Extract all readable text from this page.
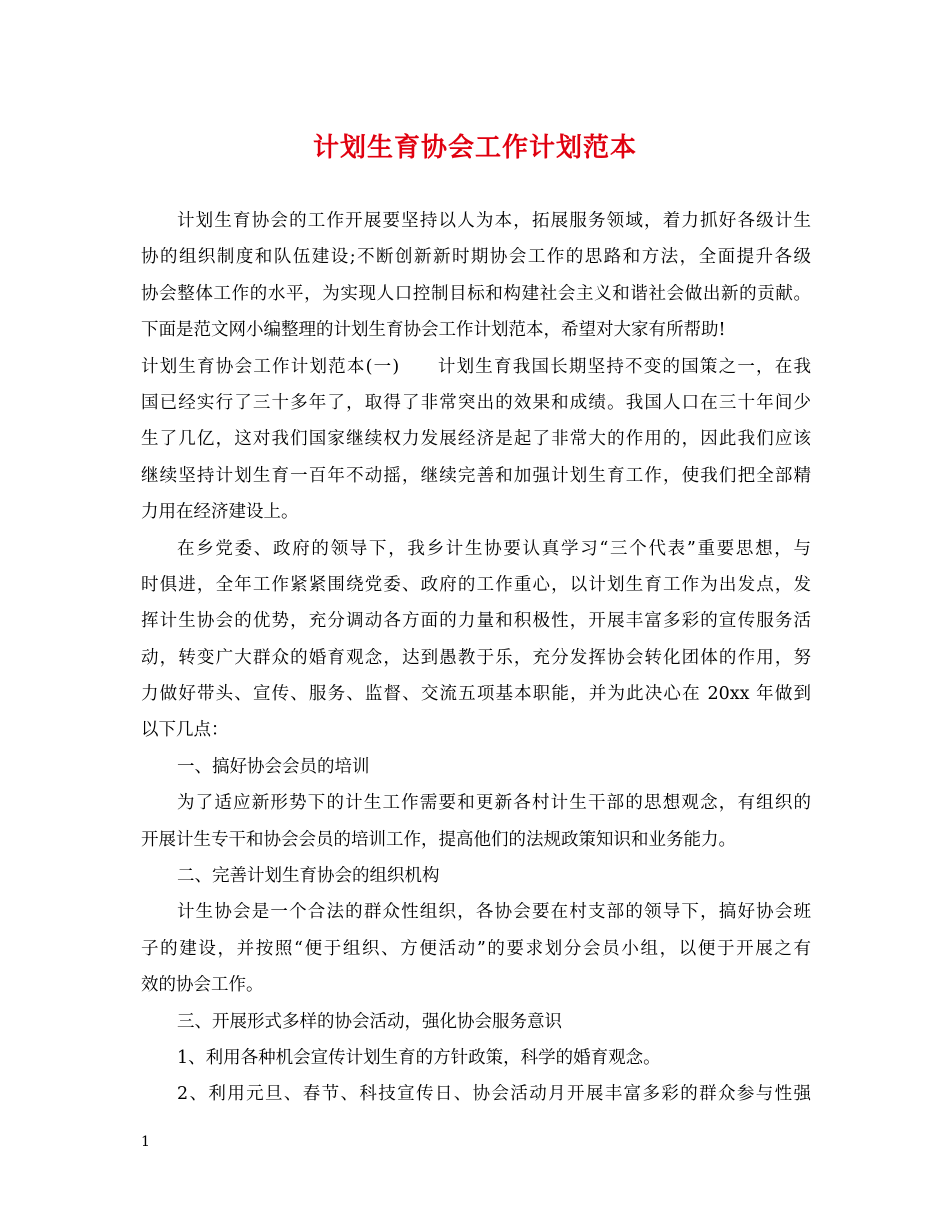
计划生育协会工作计划范本
计划生育协会的工作开展要坚持以人为本，拓展服务领域，着力抓好各级计生
协的组织制度和队伍建设;不断创新新时期协会工作的思路和方法，全面提升各级
协会整体工作的水平，为实现人口控制目标和构建社会主义和谐社会做出新的贡献。
下面是范文网小编整理的计划生育协会工作计划范本，希望对大家有所帮助!
计划生育协会工作计划范本(一)　　计划生育我国长期坚持不变的国策之一，在我
国已经实行了三十多年了，取得了非常突出的效果和成绩。我国人口在三十年间少
生了几亿，这对我们国家继续权力发展经济是起了非常大的作用的，因此我们应该
继续坚持计划生育一百年不动摇，继续完善和加强计划生育工作，使我们把全部精
力用在经济建设上。
在乡党委、政府的领导下，我乡计生协要认真学习“三个代表”重要思想，与
时俱进，全年工作紧紧围绕党委、政府的工作重心，以计划生育工作为出发点，发
挥计生协会的优势，充分调动各方面的力量和积极性，开展丰富多彩的宣传服务活
动，转变广大群众的婚育观念，达到愚教于乐，充分发挥协会转化团体的作用，努
力做好带头、宣传、服务、监督、交流五项基本职能，并为此决心在 20xx 年做到
以下几点：
一、搞好协会会员的培训
为了适应新形势下的计生工作需要和更新各村计生干部的思想观念，有组织的
开展计生专干和协会会员的培训工作，提高他们的法规政策知识和业务能力。
二、完善计划生育协会的组织机构
计生协会是一个合法的群众性组织，各协会要在村支部的领导下，搞好协会班
子的建设，并按照“便于组织、方便活动”的要求划分会员小组，以便于开展之有
效的协会工作。
三、开展形式多样的协会活动，强化协会服务意识
1、利用各种机会宣传计划生育的方针政策，科学的婚育观念。
2、利用元旦、春节、科技宣传日、协会活动月开展丰富多彩的群众参与性强
1
